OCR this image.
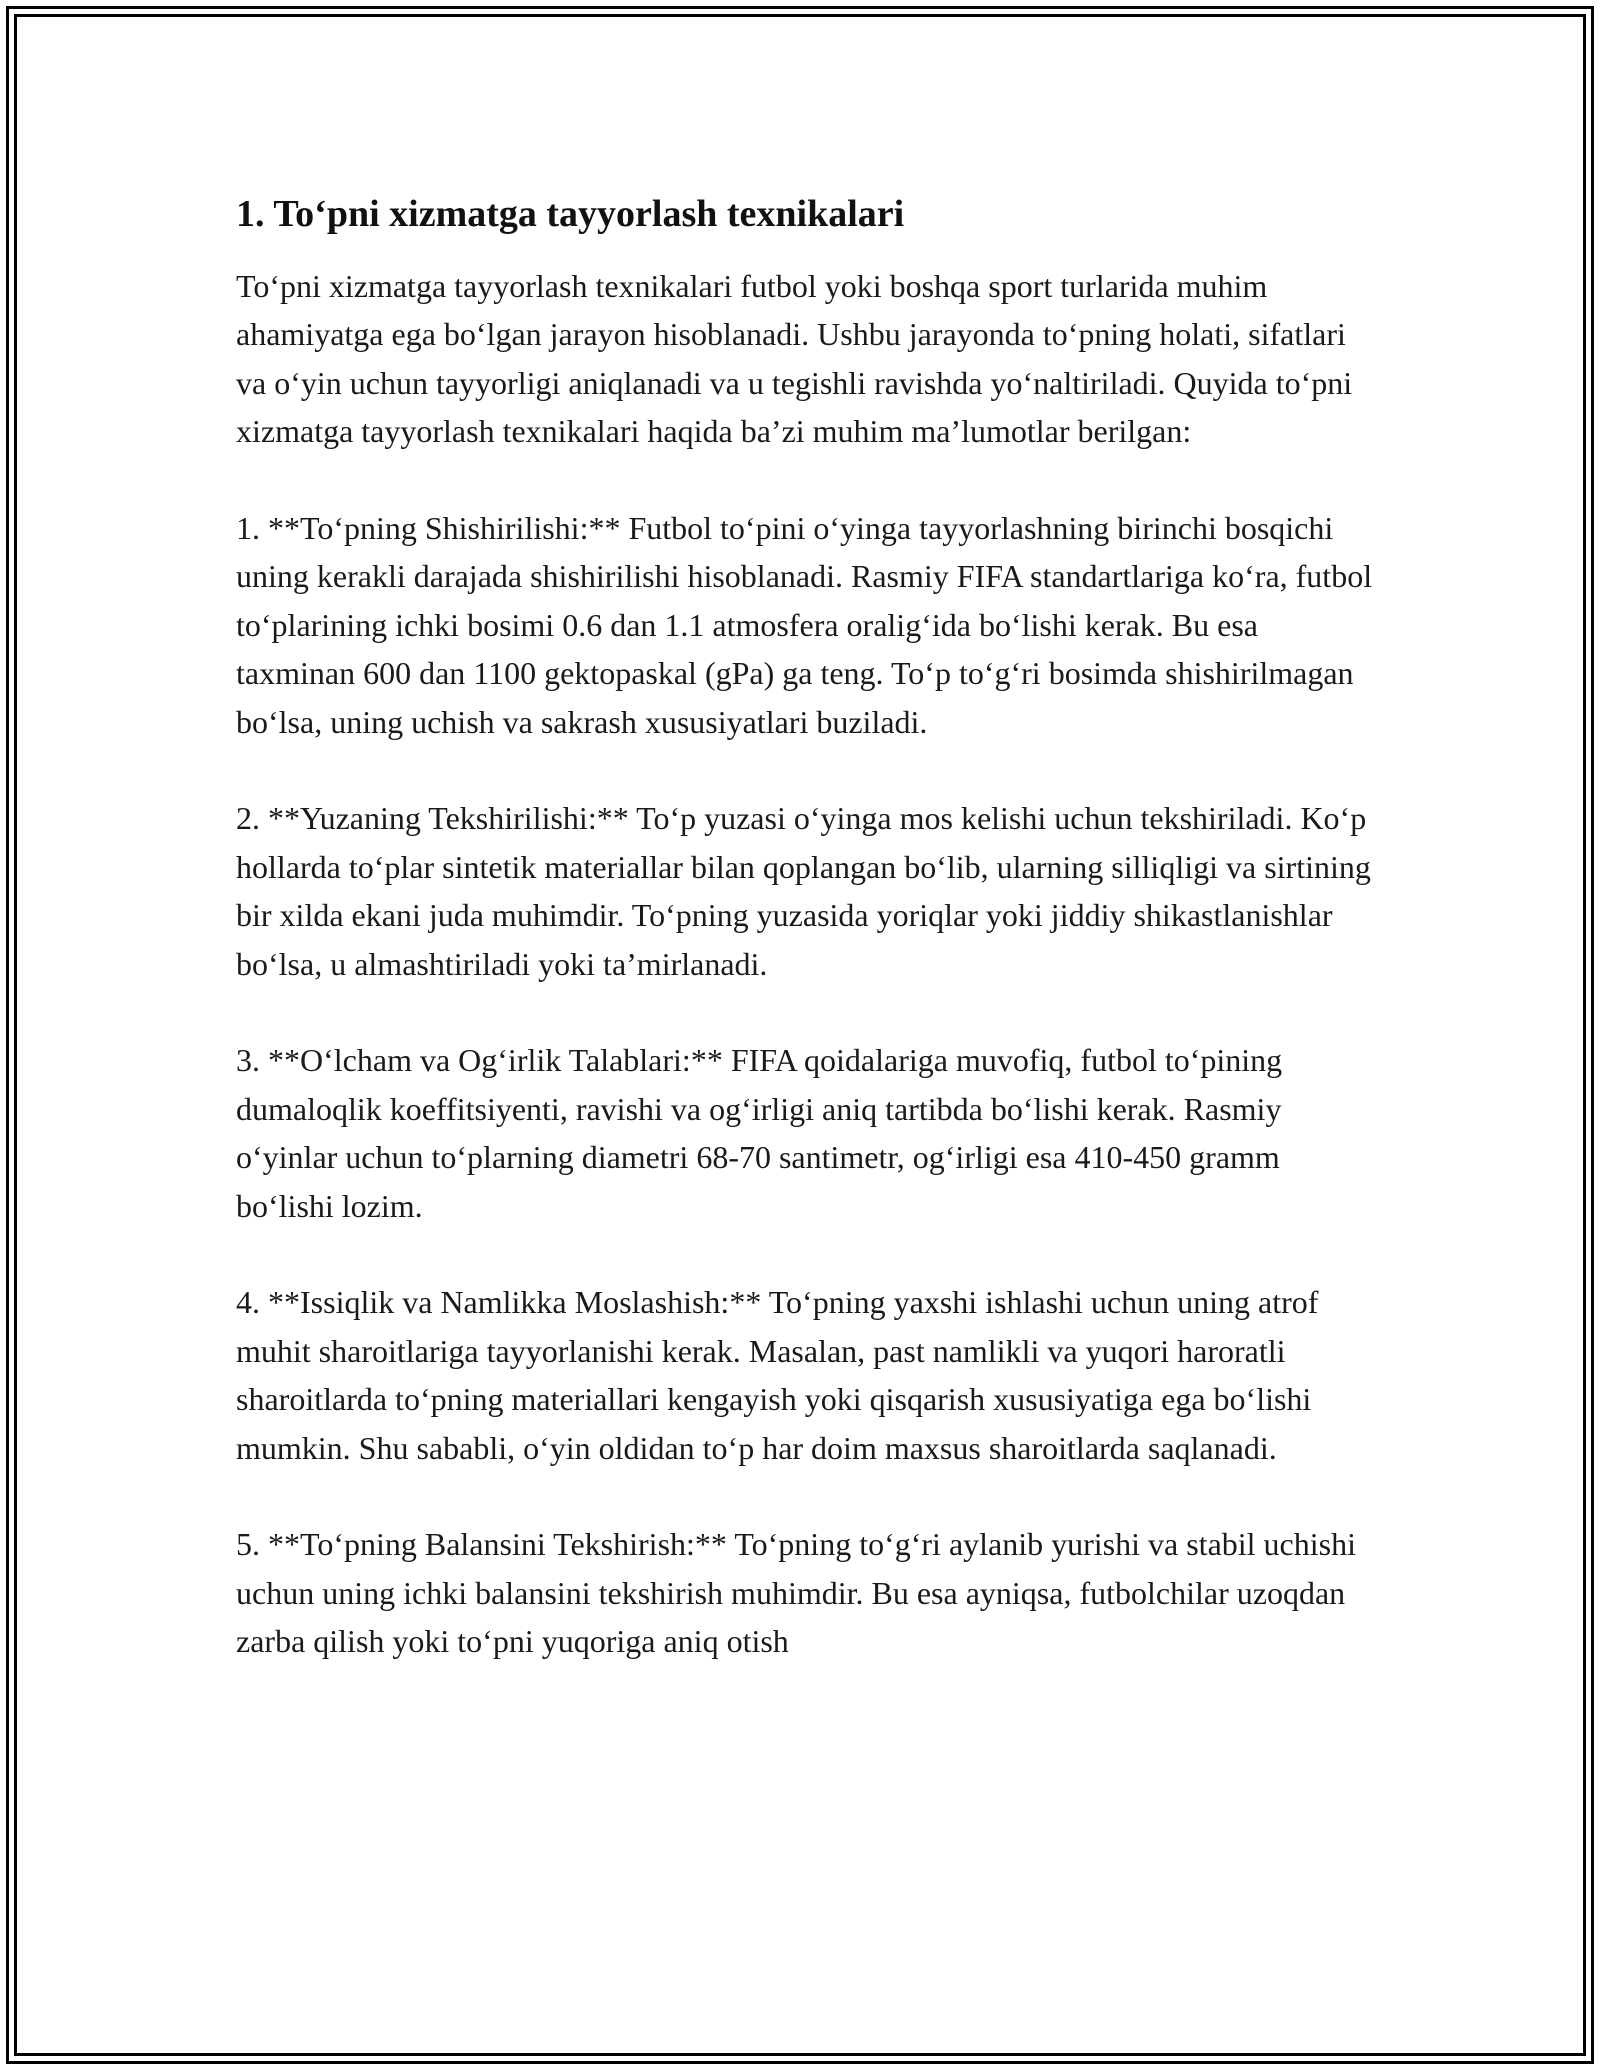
1. To‘pni xizmatga tayyorlash texnikalari

To‘pni xizmatga tayyorlash texnikalari futbol yoki boshqa sport turlarida muhim ahamiyatga ega bo‘lgan jarayon hisoblanadi. Ushbu jarayonda to‘pning holati, sifatlari va o‘yin uchun tayyorligi aniqlanadi va u tegishli ravishda yo‘naltiriladi. Quyida to‘pni xizmatga tayyorlash texnikalari haqida ba’zi muhim ma’lumotlar berilgan:

1. **To‘pning Shishirilishi:** Futbol to‘pini o‘yinga tayyorlashning birinchi bosqichi uning kerakli darajada shishirilishi hisoblanadi. Rasmiy FIFA standartlariga ko‘ra, futbol to‘plarining ichki bosimi 0.6 dan 1.1 atmosfera oralig‘ida bo‘lishi kerak. Bu esa taxminan 600 dan 1100 gektopaskal (gPa) ga teng. To‘p to‘g‘ri bosimda shishirilmagan bo‘lsa, uning uchish va sakrash xususiyatlari buziladi.

2. **Yuzaning Tekshirilishi:** To‘p yuzasi o‘yinga mos kelishi uchun tekshiriladi. Ko‘p hollarda to‘plar sintetik materiallar bilan qoplangan bo‘lib, ularning silliqligi va sirtining bir xilda ekani juda muhimdir. To‘pning yuzasida yoriqlar yoki jiddiy shikastlanishlar bo‘lsa, u almashtiriladi yoki ta’mirlanadi.

3. **O‘lcham va Og‘irlik Talablari:** FIFA qoidalariga muvofiq, futbol to‘pining dumaloqlik koeffitsiyenti, ravishi va og‘irligi aniq tartibda bo‘lishi kerak. Rasmiy o‘yinlar uchun to‘plarning diametri 68-70 santimetr, og‘irligi esa 410-450 gramm bo‘lishi lozim.

4. **Issiqlik va Namlikka Moslashish:** To‘pning yaxshi ishlashi uchun uning atrof muhit sharoitlariga tayyorlanishi kerak. Masalan, past namlikli va yuqori haroratli sharoitlarda to‘pning materiallari kengayish yoki qisqarish xususiyatiga ega bo‘lishi mumkin. Shu sababli, o‘yin oldidan to‘p har doim maxsus sharoitlarda saqlanadi.

5. **To‘pning Balansini Tekshirish:** To‘pning to‘g‘ri aylanib yurishi va stabil uchishi uchun uning ichki balansini tekshirish muhimdir. Bu esa ayniqsa, futbolchilar uzoqdan zarba qilish yoki to‘pni yuqoriga aniq otish
